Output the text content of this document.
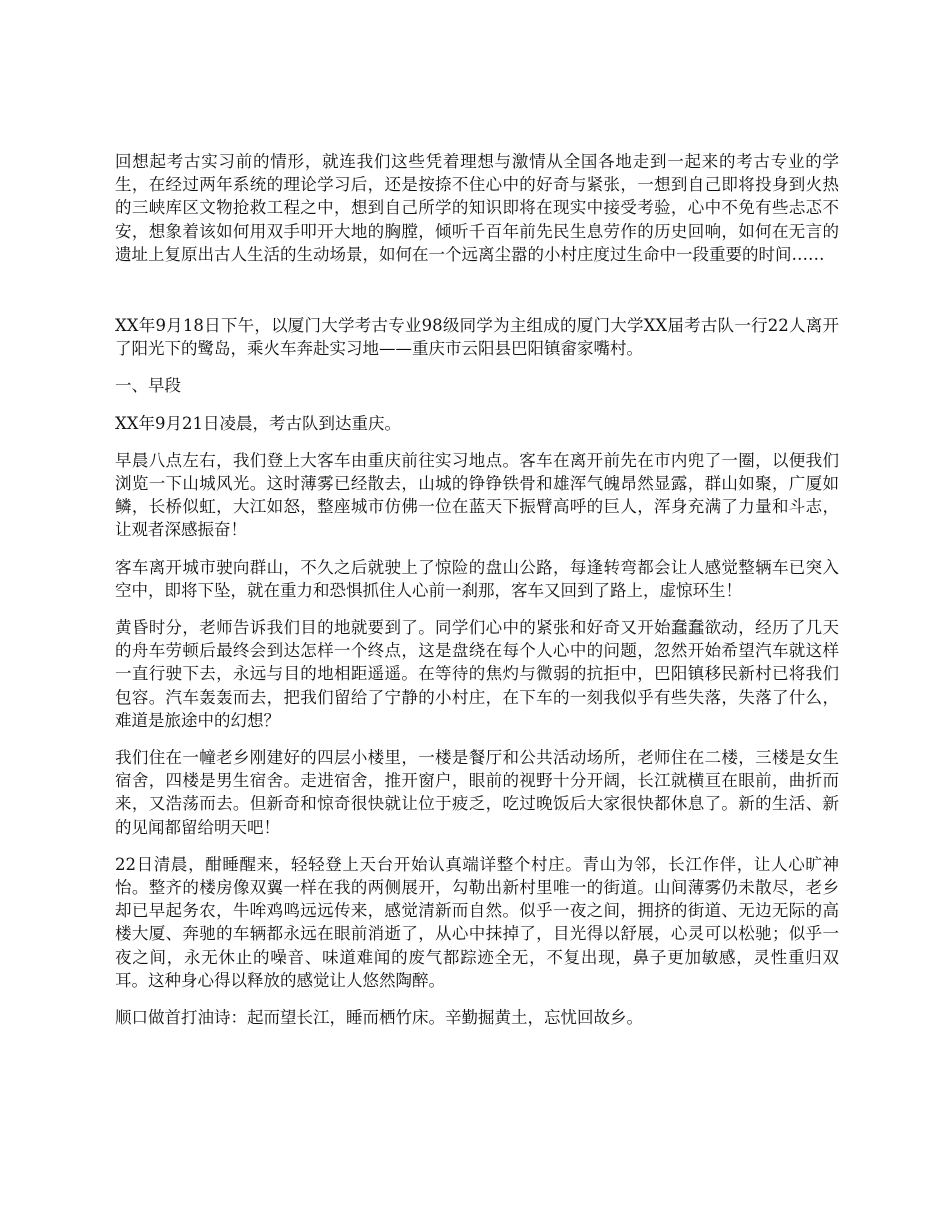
回想起考古实习前的情形，就连我们这些凭着理想与激情从全国各地走到一起来的考古专业的学生，在经过两年系统的理论学习后，还是按捺不住心中的好奇与紧张，一想到自己即将投身到火热的三峡库区文物抢救工程之中，想到自己所学的知识即将在现实中接受考验，心中不免有些忐忑不安，想象着该如何用双手叩开大地的胸膛，倾听千百年前先民生息劳作的历史回响，如何在无言的遗址上复原出古人生活的生动场景，如何在一个远离尘嚣的小村庄度过生命中一段重要的时间……

XX年9月18日下午，以厦门大学考古专业98级同学为主组成的厦门大学XX届考古队一行22人离开了阳光下的鹭岛，乘火车奔赴实习地——重庆市云阳县巴阳镇畲家嘴村。

一、早段

XX年9月21日凌晨，考古队到达重庆。

早晨八点左右，我们登上大客车由重庆前往实习地点。客车在离开前先在市内兜了一圈，以便我们浏览一下山城风光。这时薄雾已经散去，山城的铮铮铁骨和雄浑气魄昂然显露，群山如聚，广厦如鳞，长桥似虹，大江如怒，整座城市仿佛一位在蓝天下振臂高呼的巨人，浑身充满了力量和斗志，让观者深感振奋！

客车离开城市驶向群山，不久之后就驶上了惊险的盘山公路，每逢转弯都会让人感觉整辆车已突入空中，即将下坠，就在重力和恐惧抓住人心前一刹那，客车又回到了路上，虚惊环生！

黄昏时分，老师告诉我们目的地就要到了。同学们心中的紧张和好奇又开始蠢蠢欲动，经历了几天的舟车劳顿后最终会到达怎样一个终点，这是盘绕在每个人心中的问题，忽然开始希望汽车就这样一直行驶下去，永远与目的地相距遥遥。在等待的焦灼与微弱的抗拒中，巴阳镇移民新村已将我们包容。汽车轰轰而去，把我们留给了宁静的小村庄，在下车的一刻我似乎有些失落，失落了什么，难道是旅途中的幻想？

我们住在一幢老乡刚建好的四层小楼里，一楼是餐厅和公共活动场所，老师住在二楼，三楼是女生宿舍，四楼是男生宿舍。走进宿舍，推开窗户，眼前的视野十分开阔，长江就横亘在眼前，曲折而来，又浩荡而去。但新奇和惊奇很快就让位于疲乏，吃过晚饭后大家很快都休息了。新的生活、新的见闻都留给明天吧！

22日清晨，酣睡醒来，轻轻登上天台开始认真端详整个村庄。青山为邻，长江作伴，让人心旷神怡。整齐的楼房像双翼一样在我的两侧展开，勾勒出新村里唯一的街道。山间薄雾仍未散尽，老乡却已早起务农，牛哞鸡鸣远远传来，感觉清新而自然。似乎一夜之间，拥挤的街道、无边无际的高楼大厦、奔驰的车辆都永远在眼前消逝了，从心中抹掉了，目光得以舒展，心灵可以松驰；似乎一夜之间，永无休止的噪音、味道难闻的废气都踪迹全无，不复出现，鼻子更加敏感，灵性重归双耳。这种身心得以释放的感觉让人悠然陶醉。

顺口做首打油诗：起而望长江，睡而栖竹床。辛勤掘黄土，忘忧回故乡。
